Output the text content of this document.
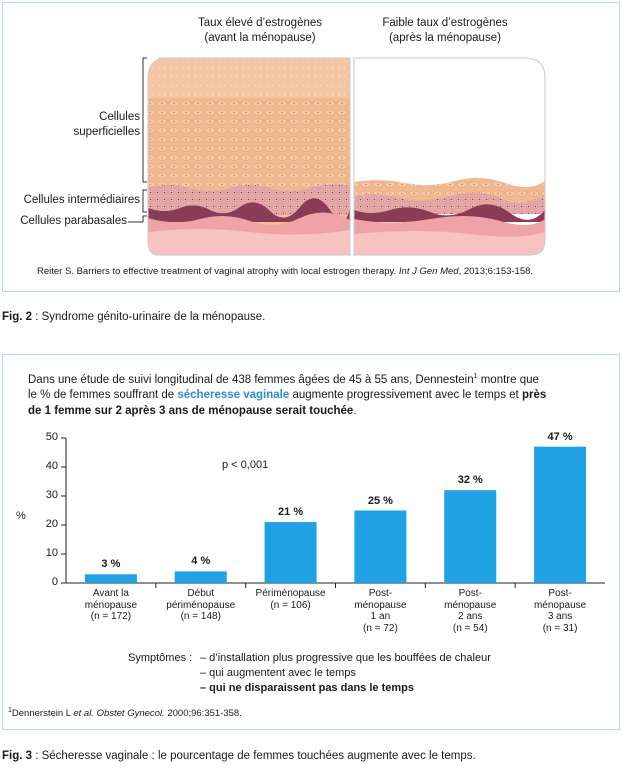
Taux élevé d’estrogènes
(avant la ménopause)
Faible taux d’estrogènes
(après la ménopause)
Cellules
superficielles
Cellules intermédiaires
Cellules parabasales
Reiter S. Barriers to effective treatment of vaginal atrophy with local estrogen therapy. Int J Gen Med, 2013;6:153-158.
Fig. 2 : Syndrome génito-urinaire de la ménopause.
Dans une étude de suivi longitudinal de 438 femmes âgées de 45 à 55 ans, Dennestein$^1$ montre que
le % de femmes souffrant de sécheresse vaginale augmente progressivement avec le temps et près
de 1 femme sur 2 après 3 ans de ménopause serait touchée.
%
p < 0,001
Avant la
ménopause
(n = 172)
Début
périménopause
(n = 148)
Périménopause
(n = 106)
Post-
ménopause
1 an
(n = 72)
Post-
ménopause
2 ans
(n = 54)
Post-
ménopause
3 ans
(n = 31)
0
10
20
30
40
50
3 %	4 %
21 %
25 %
32 %
47 %
Symptômes : – d’installation plus progressive que les bouffées de chaleur
– qui augmentent avec le temps
– qui ne disparaissent pas dans le temps
$^1$Dennerstein L et al. Obstet Gynecol. 2000;96:351-358.
Fig. 3 : Sécheresse vaginale : le pourcentage de femmes touchées augmente avec le temps.
